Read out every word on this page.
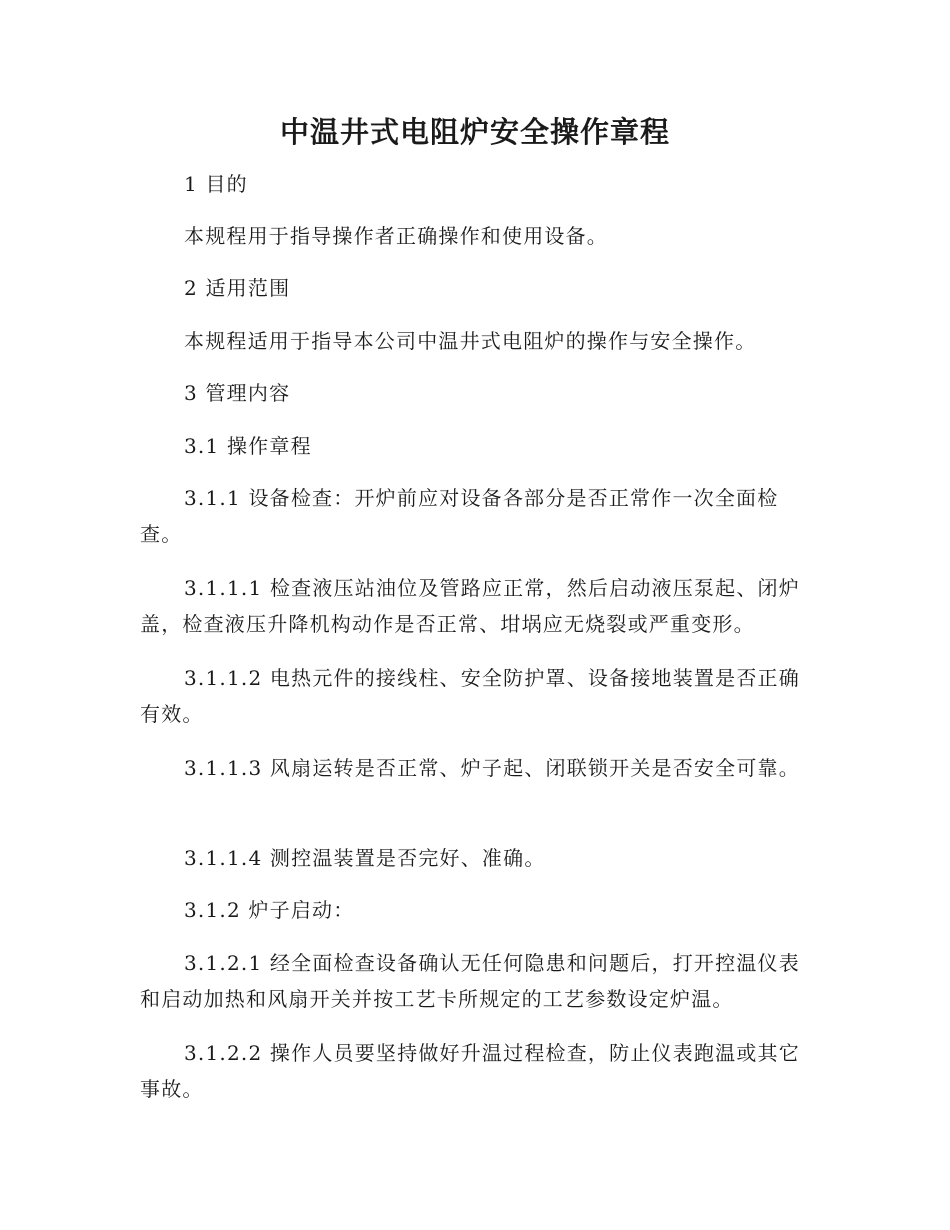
中温井式电阻炉安全操作章程
1 目的
本规程用于指导操作者正确操作和使用设备。
2 适用范围
本规程适用于指导本公司中温井式电阻炉的操作与安全操作。
3 管理内容
3.1 操作章程
3.1.1 设备检查：开炉前应对设备各部分是否正常作一次全面检查。
3.1.1.1 检查液压站油位及管路应正常，然后启动液压泵起、闭炉盖，检查液压升降机构动作是否正常、坩埚应无烧裂或严重变形。
3.1.1.2 电热元件的接线柱、安全防护罩、设备接地装置是否正确有效。
3.1.1.3 风扇运转是否正常、炉子起、闭联锁开关是否安全可靠。
3.1.1.4 测控温装置是否完好、准确。
3.1.2 炉子启动：
3.1.2.1 经全面检查设备确认无任何隐患和问题后，打开控温仪表和启动加热和风扇开关并按工艺卡所规定的工艺参数设定炉温。
3.1.2.2 操作人员要坚持做好升温过程检查，防止仪表跑温或其它事故。
